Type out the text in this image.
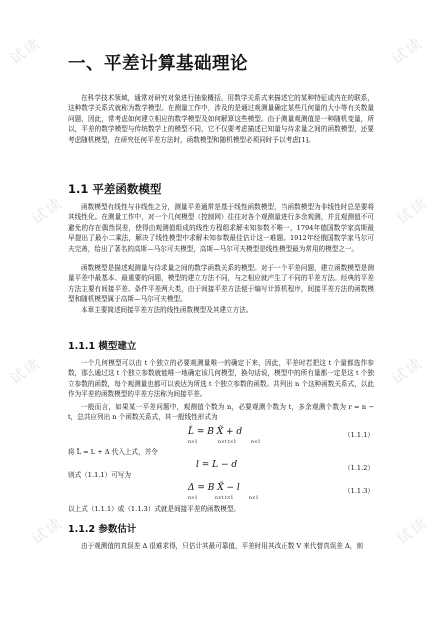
试读	试读
试读	试读
试读	试读
试读	试读
一、平差计算基础理论
在科学技术领域，通常对研究对象进行抽象概括，用数学关系式来描述它的某种特征或内在的联系，这种数学关系式就称为数学模型。在测量工作中，涉及的是通过观测量确定某些几何量的大小等有关数量问题，因此，常考虑如何建立相应的数学模型及如何解算这些模型。由于测量观测值是一种随机变量，所以，平差的数学模型与传统数学上的模型不同，它不仅要考虑描述已知量与待求量之间的函数模型，还要考虑随机模型，在研究任何平差方法时，函数模型和随机模型必须同时予以考虑[1]。
1.1 平差函数模型
函数模型有线性与非线性之分，测量平差通常是基于线性函数模型，当函数模型为非线性时总是要将其线性化。在测量工作中，对一个几何模型（控制网）往往对各个观测量进行多余观测，并且观测值不可避免的存在偶然误差，使得由观测值组成的线性方程组求解未知参数不唯一，1794年德国数学家高斯最早提出了最小二乘法，解决了线性模型中求解未知参数最佳估计这一难题。1912年经俄国数学家马尔可夫完善，给出了著名的高斯—马尔可夫模型，高斯—马尔可夫模型是线性模型最为常用的模型之一。
函数模型是描述观测量与待求量之间的数学函数关系的模型。对于一个平差问题，建立函数模型是测量平差中最基本、最重要的问题，模型的建立方法不同，与之相应就产生了不同的平差方法。经典的平差方法主要有间接平差、条件平差两大类，由于间接平差方法便于编写计算机程序，间接平差方法的函数模型和随机模型属于高斯—马尔可夫模型。
本章主要简述间接平差方法的线性函数模型及其建立方法。
1.1.1 模型建立
一个几何模型可以由 t 个独立的必要观测量唯一的确定下来，因此，平差时若把这 t 个量都选作参数，那么通过这 t 个独立参数就能唯一地确定该几何模型，换句话说，模型中的所有量都一定是这 t 个独立参数的函数，每个观测量也都可以表达为所选 t 个独立参数的函数。共列出 n 个这种函数关系式，以此作为平差的函数模型的平差方法称为间接平差。
一般而言，如果某一平差问题中，观测值个数为 n，必要观测个数为 t，多余观测个数为 r = n − t，总共应列出 n 个函数关系式，其一般线性形式为
L̃ = B X̃ + d
n×1	n×t t×1	n×1
（1.1.1）
将 L̃ = L + Δ 代入上式，并令
l = L − d	（1.1.2）
则式（1.1.1）可写为
Δ = B X̃ − l
n×1	n×t t×1	n×1
（1.1.3）
以上式（1.1.1）或（1.1.3）式就是间接平差的函数模型。
1.1.2 参数估计
由于观测值的真误差 Δ 很难求得，只估计其最可靠值，平差时用其改正数 V 来代替真误差 Δ，则
